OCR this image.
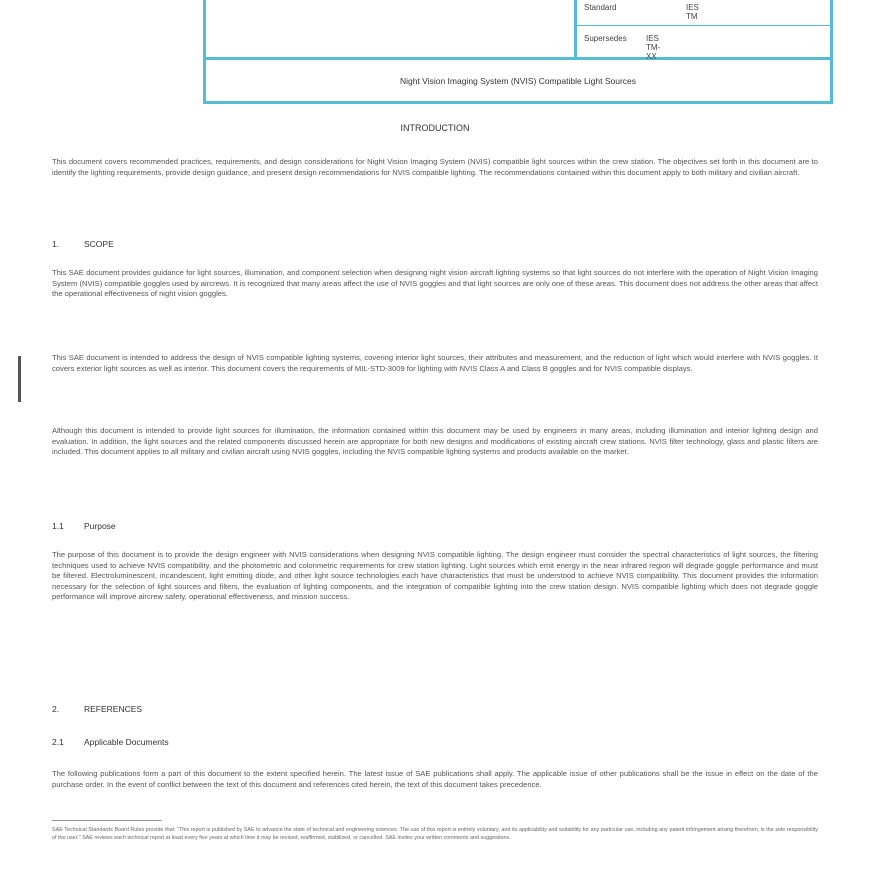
Standard	IES TM
Supersedes IES TM-XX
Night Vision Imaging System (NVIS) Compatible Light Sources
INTRODUCTION
This document covers recommended practices, requirements, and design considerations for Night Vision Imaging System (NVIS) compatible light sources within the crew station. The objectives set forth in this document are to identify the lighting requirements, provide design guidance, and present design recommendations for NVIS compatible lighting. The recommendations contained within this document apply to both military and civilian aircraft.
1.	SCOPE
This SAE document provides guidance for light sources, illumination, and component selection when designing night vision aircraft lighting systems so that light sources do not interfere with the operation of Night Vision Imaging System (NVIS) compatible goggles used by aircrews. It is recognized that many areas affect the use of NVIS goggles and that light sources are only one of these areas. This document does not address the other areas that affect the operational effectiveness of night vision goggles.
This SAE document is intended to address the design of NVIS compatible lighting systems, covering interior light sources, their attributes and measurement, and the reduction of light which would interfere with NVIS goggles. It covers exterior light sources as well as interior. This document covers the requirements of MIL-STD-3009 for lighting with NVIS Class A and Class B goggles and for NVIS compatible displays.
Although this document is intended to provide light sources for illumination, the information contained within this document may be used by engineers in many areas, including illumination and interior lighting design and evaluation. In addition, the light sources and the related components discussed herein are appropriate for both new designs and modifications of existing aircraft crew stations. NVIS filter technology, glass and plastic filters are included. This document applies to all military and civilian aircraft using NVIS goggles, including the NVIS compatible lighting systems and products available on the market.
1.1 Purpose
The purpose of this document is to provide the design engineer with NVIS considerations when designing NVIS compatible lighting. The design engineer must consider the spectral characteristics of light sources, the filtering techniques used to achieve NVIS compatibility, and the photometric and colorimetric requirements for crew station lighting. Light sources which emit energy in the near infrared region will degrade goggle performance and must be filtered. Electroluminescent, incandescent, light emitting diode, and other light source technologies each have characteristics that must be understood to achieve NVIS compatibility. This document provides the information necessary for the selection of light sources and filters, the evaluation of lighting components, and the integration of compatible lighting into the crew station design. NVIS compatible lighting which does not degrade goggle performance will improve aircrew safety, operational effectiveness, and mission success.
2.	REFERENCES
2.1 Applicable Documents
The following publications form a part of this document to the extent specified herein. The latest issue of SAE publications shall apply. The applicable issue of other publications shall be the issue in effect on the date of the purchase order. In the event of conflict between the text of this document and references cited herein, the text of this document takes precedence.
SAE Technical Standards Board Rules provide that: "This report is published by SAE to advance the state of technical and engineering sciences. The use of this report is entirely voluntary, and its applicability and suitability for any particular use, including any patent infringement arising therefrom, is the sole responsibility of the user." SAE reviews each technical report at least every five years at which time it may be revised, reaffirmed, stabilized, or cancelled. SAE invites your written comments and suggestions.
